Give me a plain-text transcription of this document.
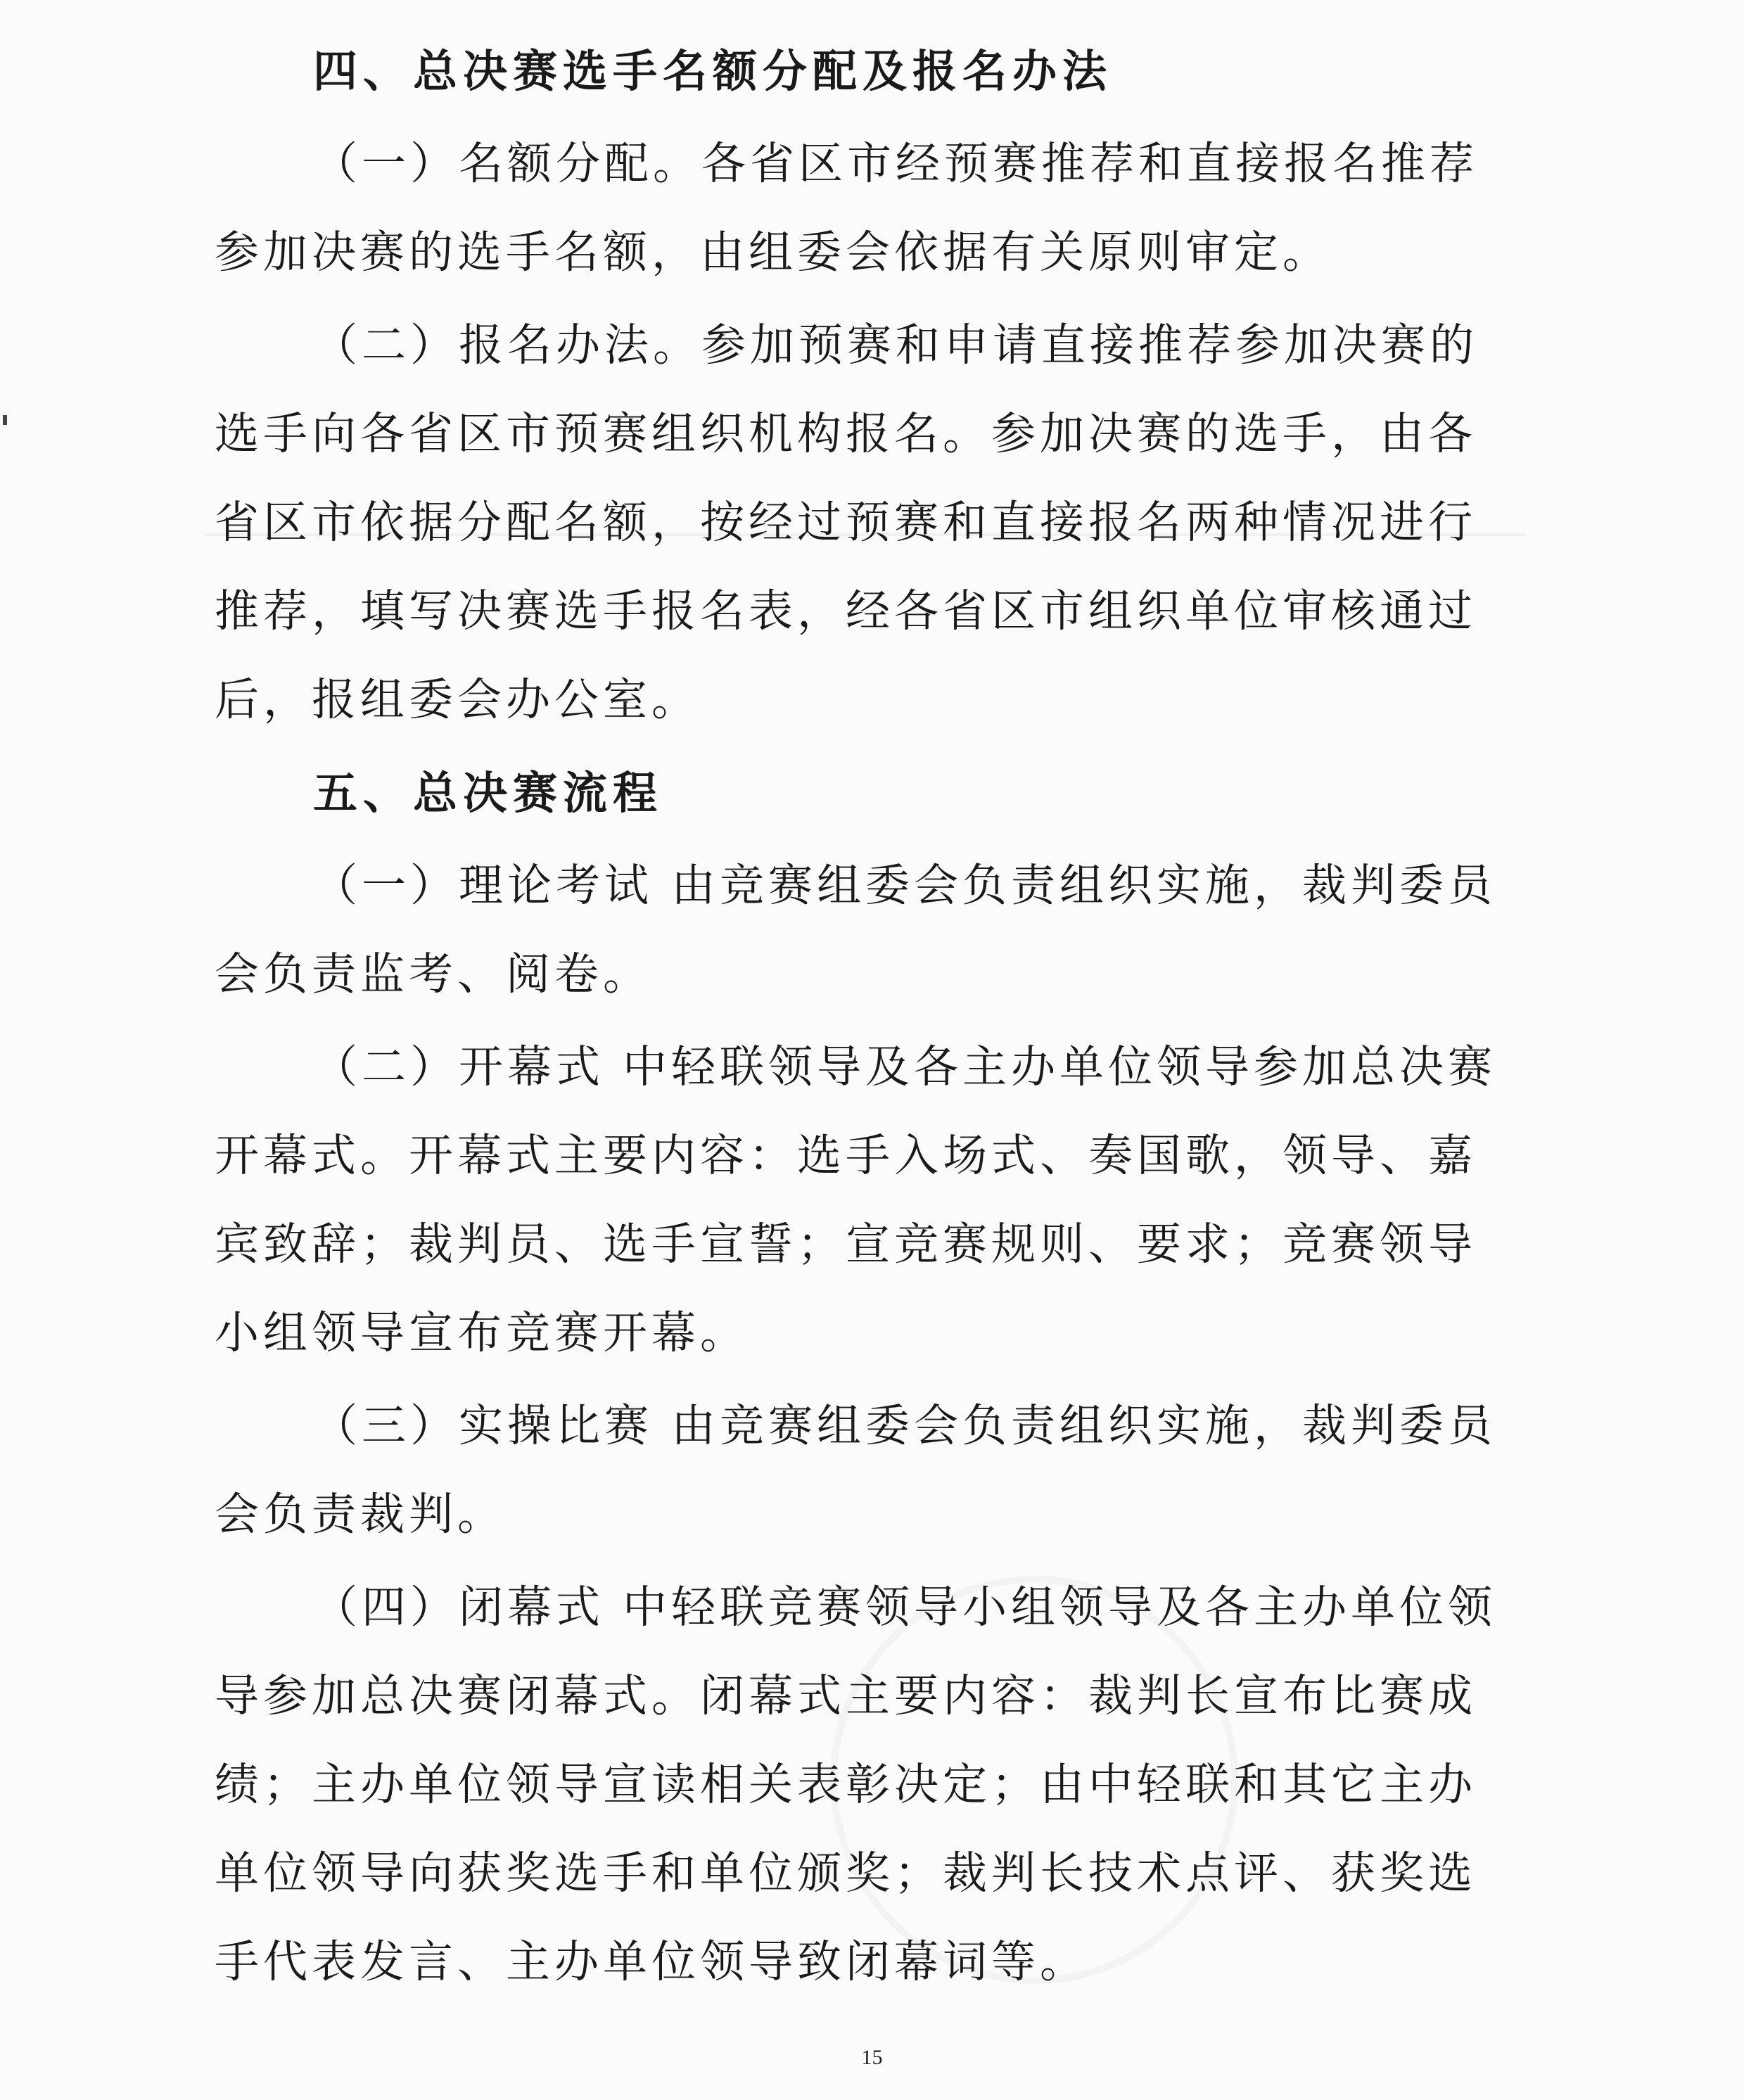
四、总决赛选手名额分配及报名办法
（一）名额分配。各省区市经预赛推荐和直接报名推荐
参加决赛的选手名额，由组委会依据有关原则审定。
（二）报名办法。参加预赛和申请直接推荐参加决赛的
选手向各省区市预赛组织机构报名。参加决赛的选手，由各
省区市依据分配名额，按经过预赛和直接报名两种情况进行
推荐，填写决赛选手报名表，经各省区市组织单位审核通过
后，报组委会办公室。
五、总决赛流程
（一）理论考试 由竞赛组委会负责组织实施，裁判委员
会负责监考、阅卷。
（二）开幕式 中轻联领导及各主办单位领导参加总决赛
开幕式。开幕式主要内容：选手入场式、奏国歌，领导、嘉
宾致辞；裁判员、选手宣誓；宣竞赛规则、要求；竞赛领导
小组领导宣布竞赛开幕。
（三）实操比赛 由竞赛组委会负责组织实施，裁判委员
会负责裁判。
（四）闭幕式 中轻联竞赛领导小组领导及各主办单位领
导参加总决赛闭幕式。闭幕式主要内容：裁判长宣布比赛成
绩；主办单位领导宣读相关表彰决定；由中轻联和其它主办
单位领导向获奖选手和单位颁奖；裁判长技术点评、获奖选
手代表发言、主办单位领导致闭幕词等。
15
